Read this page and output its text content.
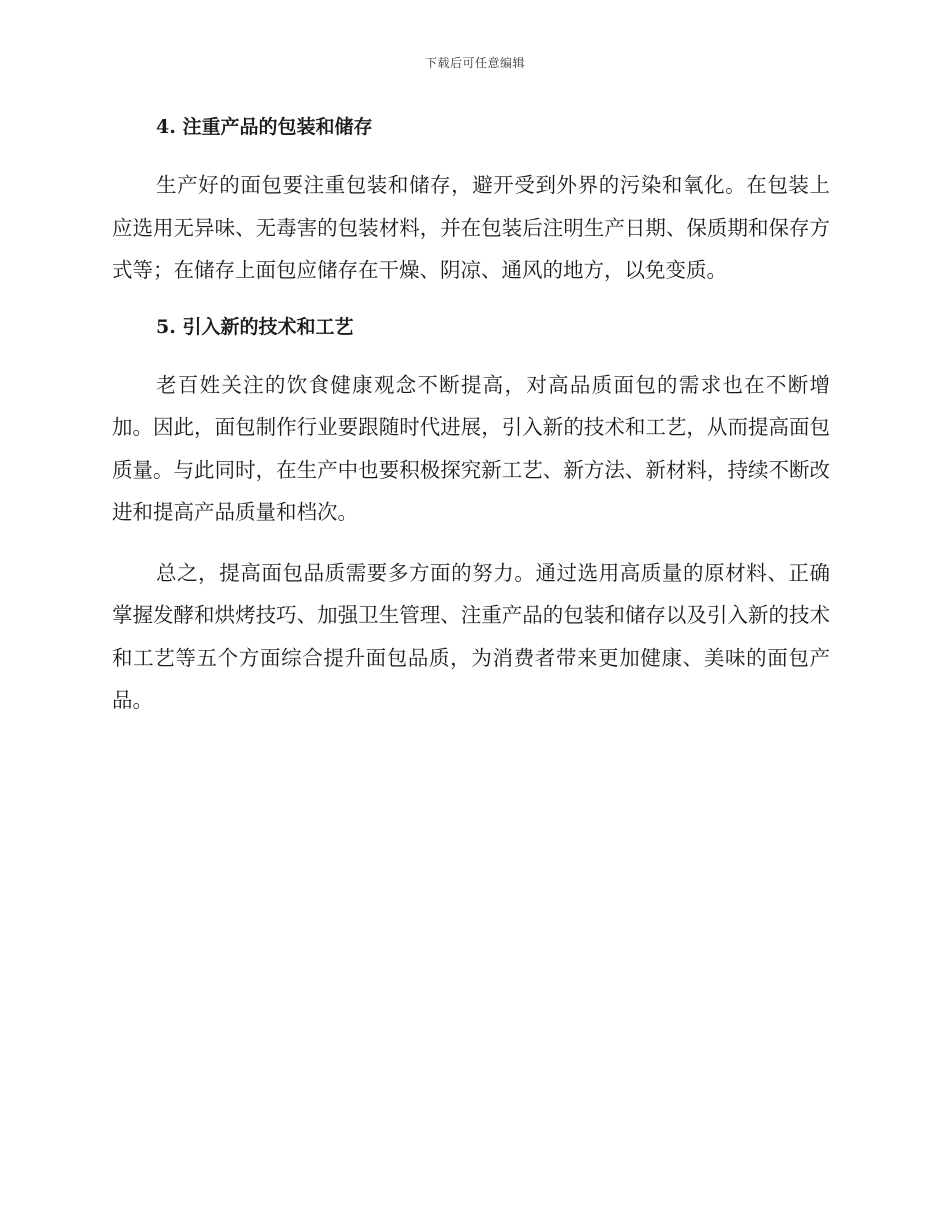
下载后可任意编辑
4. 注重产品的包装和储存

生产好的面包要注重包装和储存，避开受到外界的污染和氧化。在包装上应选用无异味、无毒害的包装材料，并在包装后注明生产日期、保质期和保存方式等；在储存上面包应储存在干燥、阴凉、通风的地方，以免变质。

5. 引入新的技术和工艺

老百姓关注的饮食健康观念不断提高，对高品质面包的需求也在不断增加。因此，面包制作行业要跟随时代进展，引入新的技术和工艺，从而提高面包质量。与此同时，在生产中也要积极探究新工艺、新方法、新材料，持续不断改进和提高产品质量和档次。

总之，提高面包品质需要多方面的努力。通过选用高质量的原材料、正确掌握发酵和烘烤技巧、加强卫生管理、注重产品的包装和储存以及引入新的技术和工艺等五个方面综合提升面包品质，为消费者带来更加健康、美味的面包产品。
